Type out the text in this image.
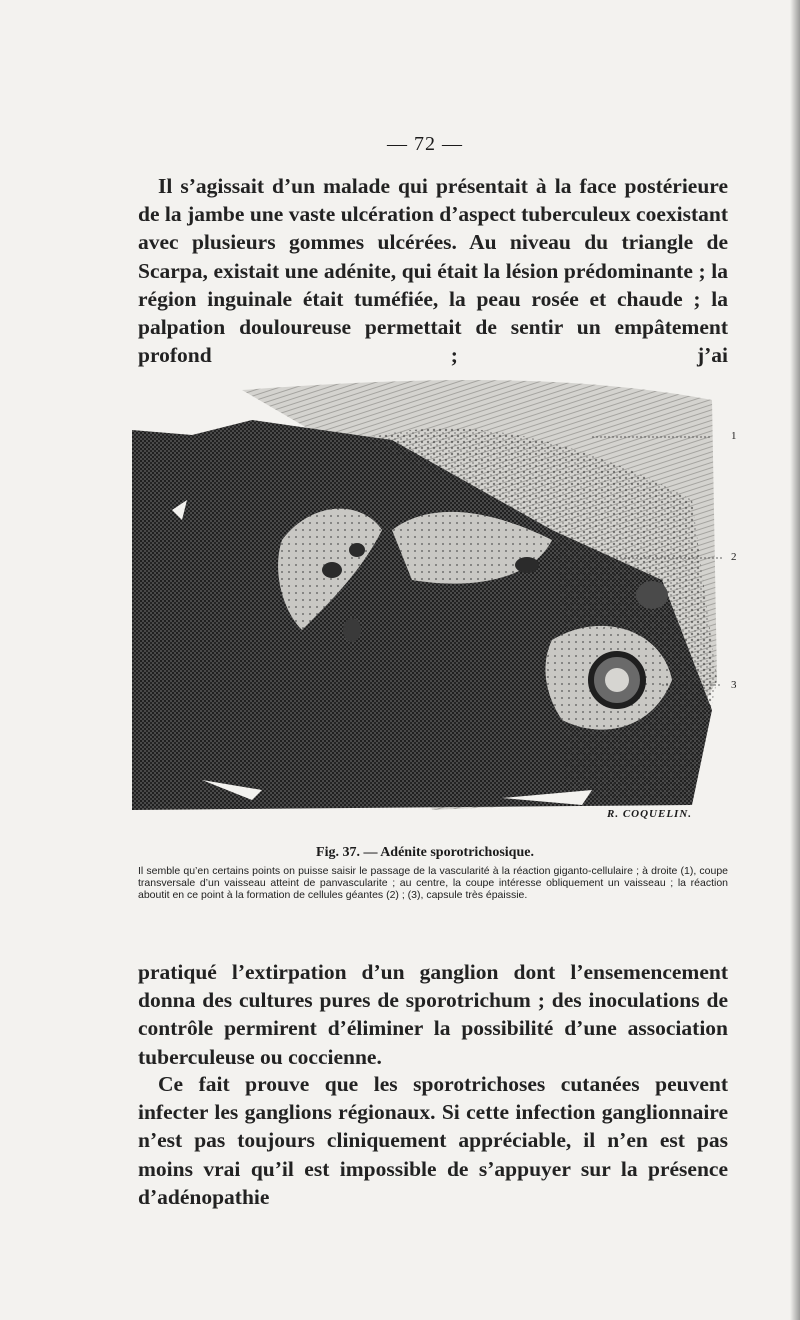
— 72 —
Il s’agissait d’un malade qui présentait à la face postérieure de la jambe une vaste ulcération d’aspect tuberculeux coexistant avec plusieurs gommes ulcérées. Au niveau du triangle de Scarpa, existait une adénite, qui était la lésion prédominante ; la région inguinale était tuméfiée, la peau rosée et chaude ; la palpation douloureuse permettait de sentir un empâtement profond ; j’ai
1
2
3
R. COQUELIN.
Fig. 37. — Adénite sporotrichosique.
Il semble qu’en certains points on puisse saisir le passage de la vascularité à la réaction giganto-cellulaire ; à droite (1), coupe transversale d’un vaisseau atteint de panvascularite ; au centre, la coupe intéresse obliquement un vaisseau ; la réaction aboutit en ce point à la formation de cellules géantes (2) ; (3), capsule très épaissie.
pratiqué l’extirpation d’un ganglion dont l’ensemencement donna des cultures pures de sporotrichum ; des inoculations de contrôle permirent d’éliminer la possibilité d’une association tuberculeuse ou coccienne.
Ce fait prouve que les sporotrichoses cutanées peuvent infecter les ganglions régionaux. Si cette infection ganglionnaire n’est pas toujours cliniquement appréciable, il n’en est pas moins vrai qu’il est impossible de s’appuyer sur la présence d’adénopathie
